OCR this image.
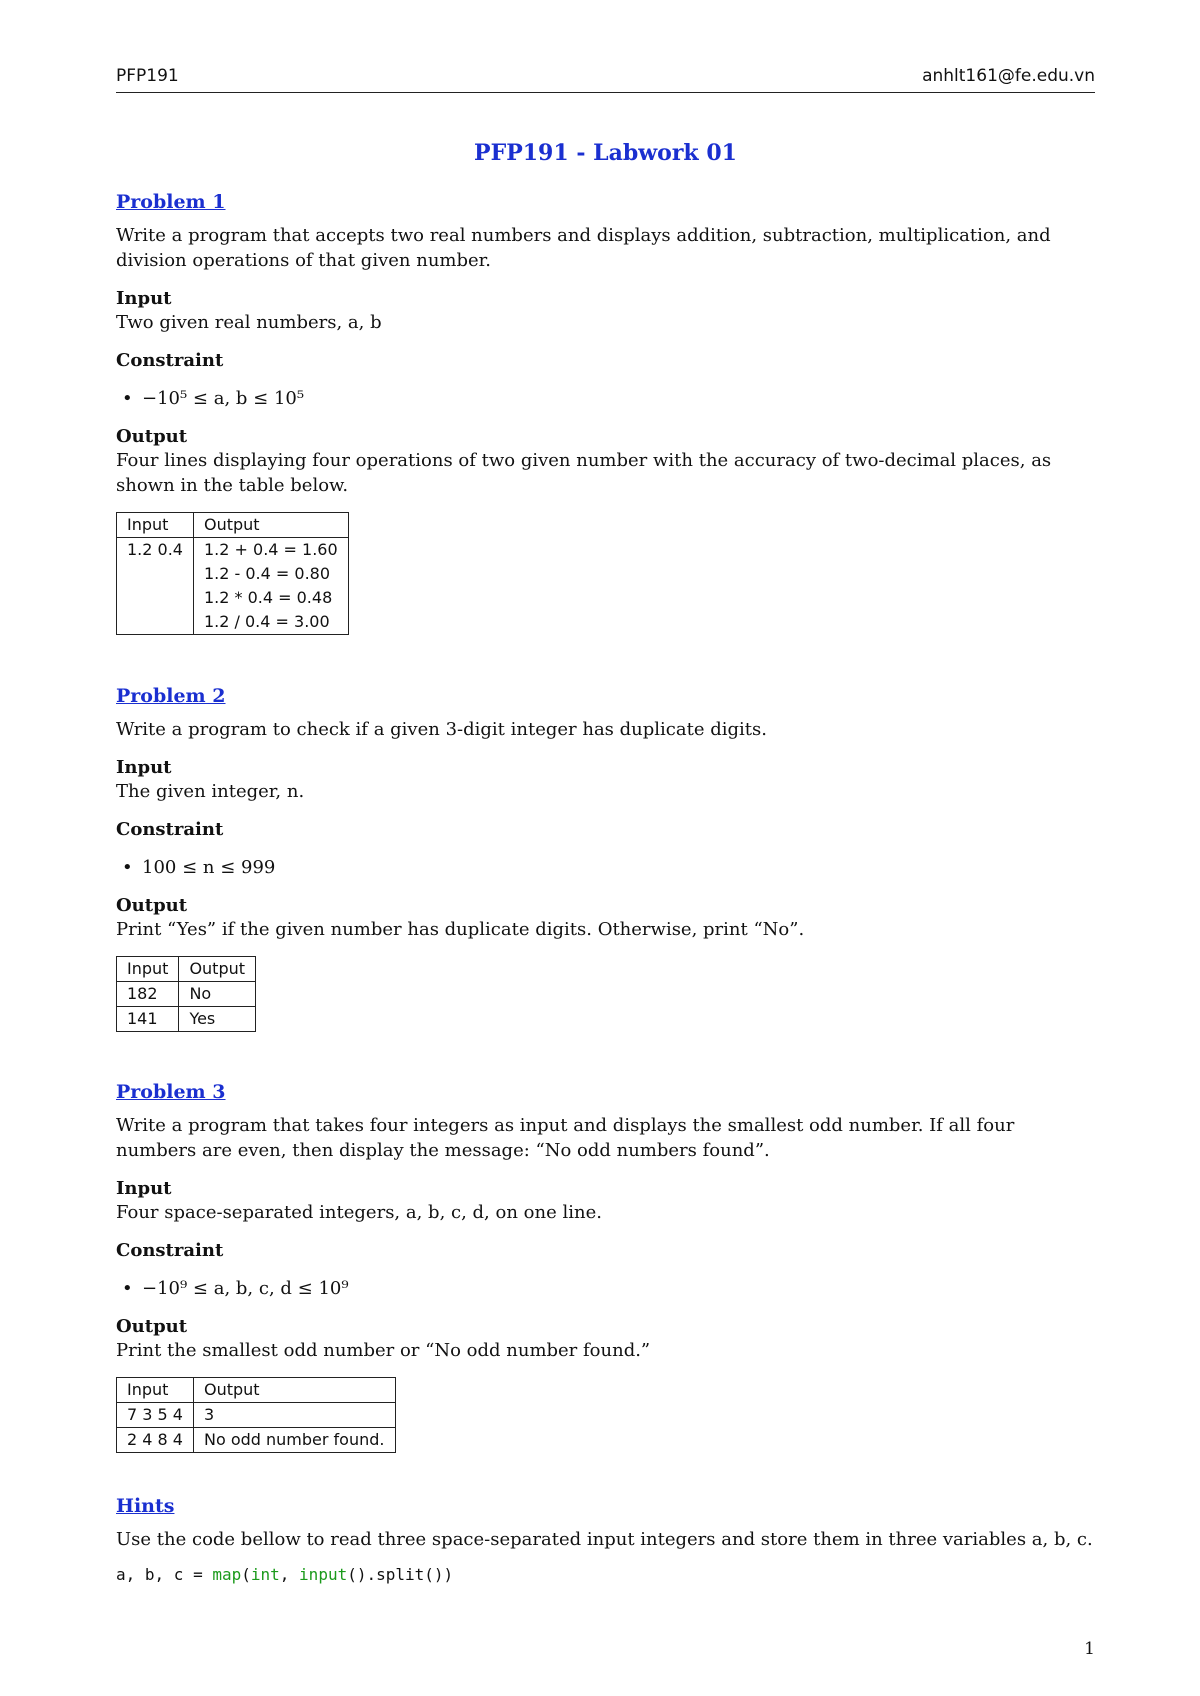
PFP191	anhlt161@fe.edu.vn
PFP191 - Labwork 01
Problem 1

Write a program that accepts two real numbers and displays addition, subtraction, multiplication, and division operations of that given number.

Input

Two given real numbers, a, b

Constraint

• −10⁵ ≤ a, b ≤ 10⁵

Output

Four lines displaying four operations of two given number with the accuracy of two-decimal places, as shown in the table below.

Input	Output
1.2 0.4	1.2 + 0.4 = 1.60
	1.2 - 0.4 = 0.80
	1.2 * 0.4 = 0.48
	1.2 / 0.4 = 3.00
Problem 2

Write a program to check if a given 3-digit integer has duplicate digits.

Input

The given integer, n.

Constraint

• 100 ≤ n ≤ 999

Output

Print “Yes” if the given number has duplicate digits. Otherwise, print “No”.

Input	Output
182	No
141	Yes
Problem 3

Write a program that takes four integers as input and displays the smallest odd number. If all four numbers are even, then display the message: “No odd numbers found”.

Input

Four space-separated integers, a, b, c, d, on one line.

Constraint

• −10⁹ ≤ a, b, c, d ≤ 10⁹

Output

Print the smallest odd number or “No odd number found.”

Input	Output
7 3 5 4	3
2 4 8 4	No odd number found.
Hints

Use the code bellow to read three space-separated input integers and store them in three variables a, b, c.

a, b, c = map(int, input().split())
1
